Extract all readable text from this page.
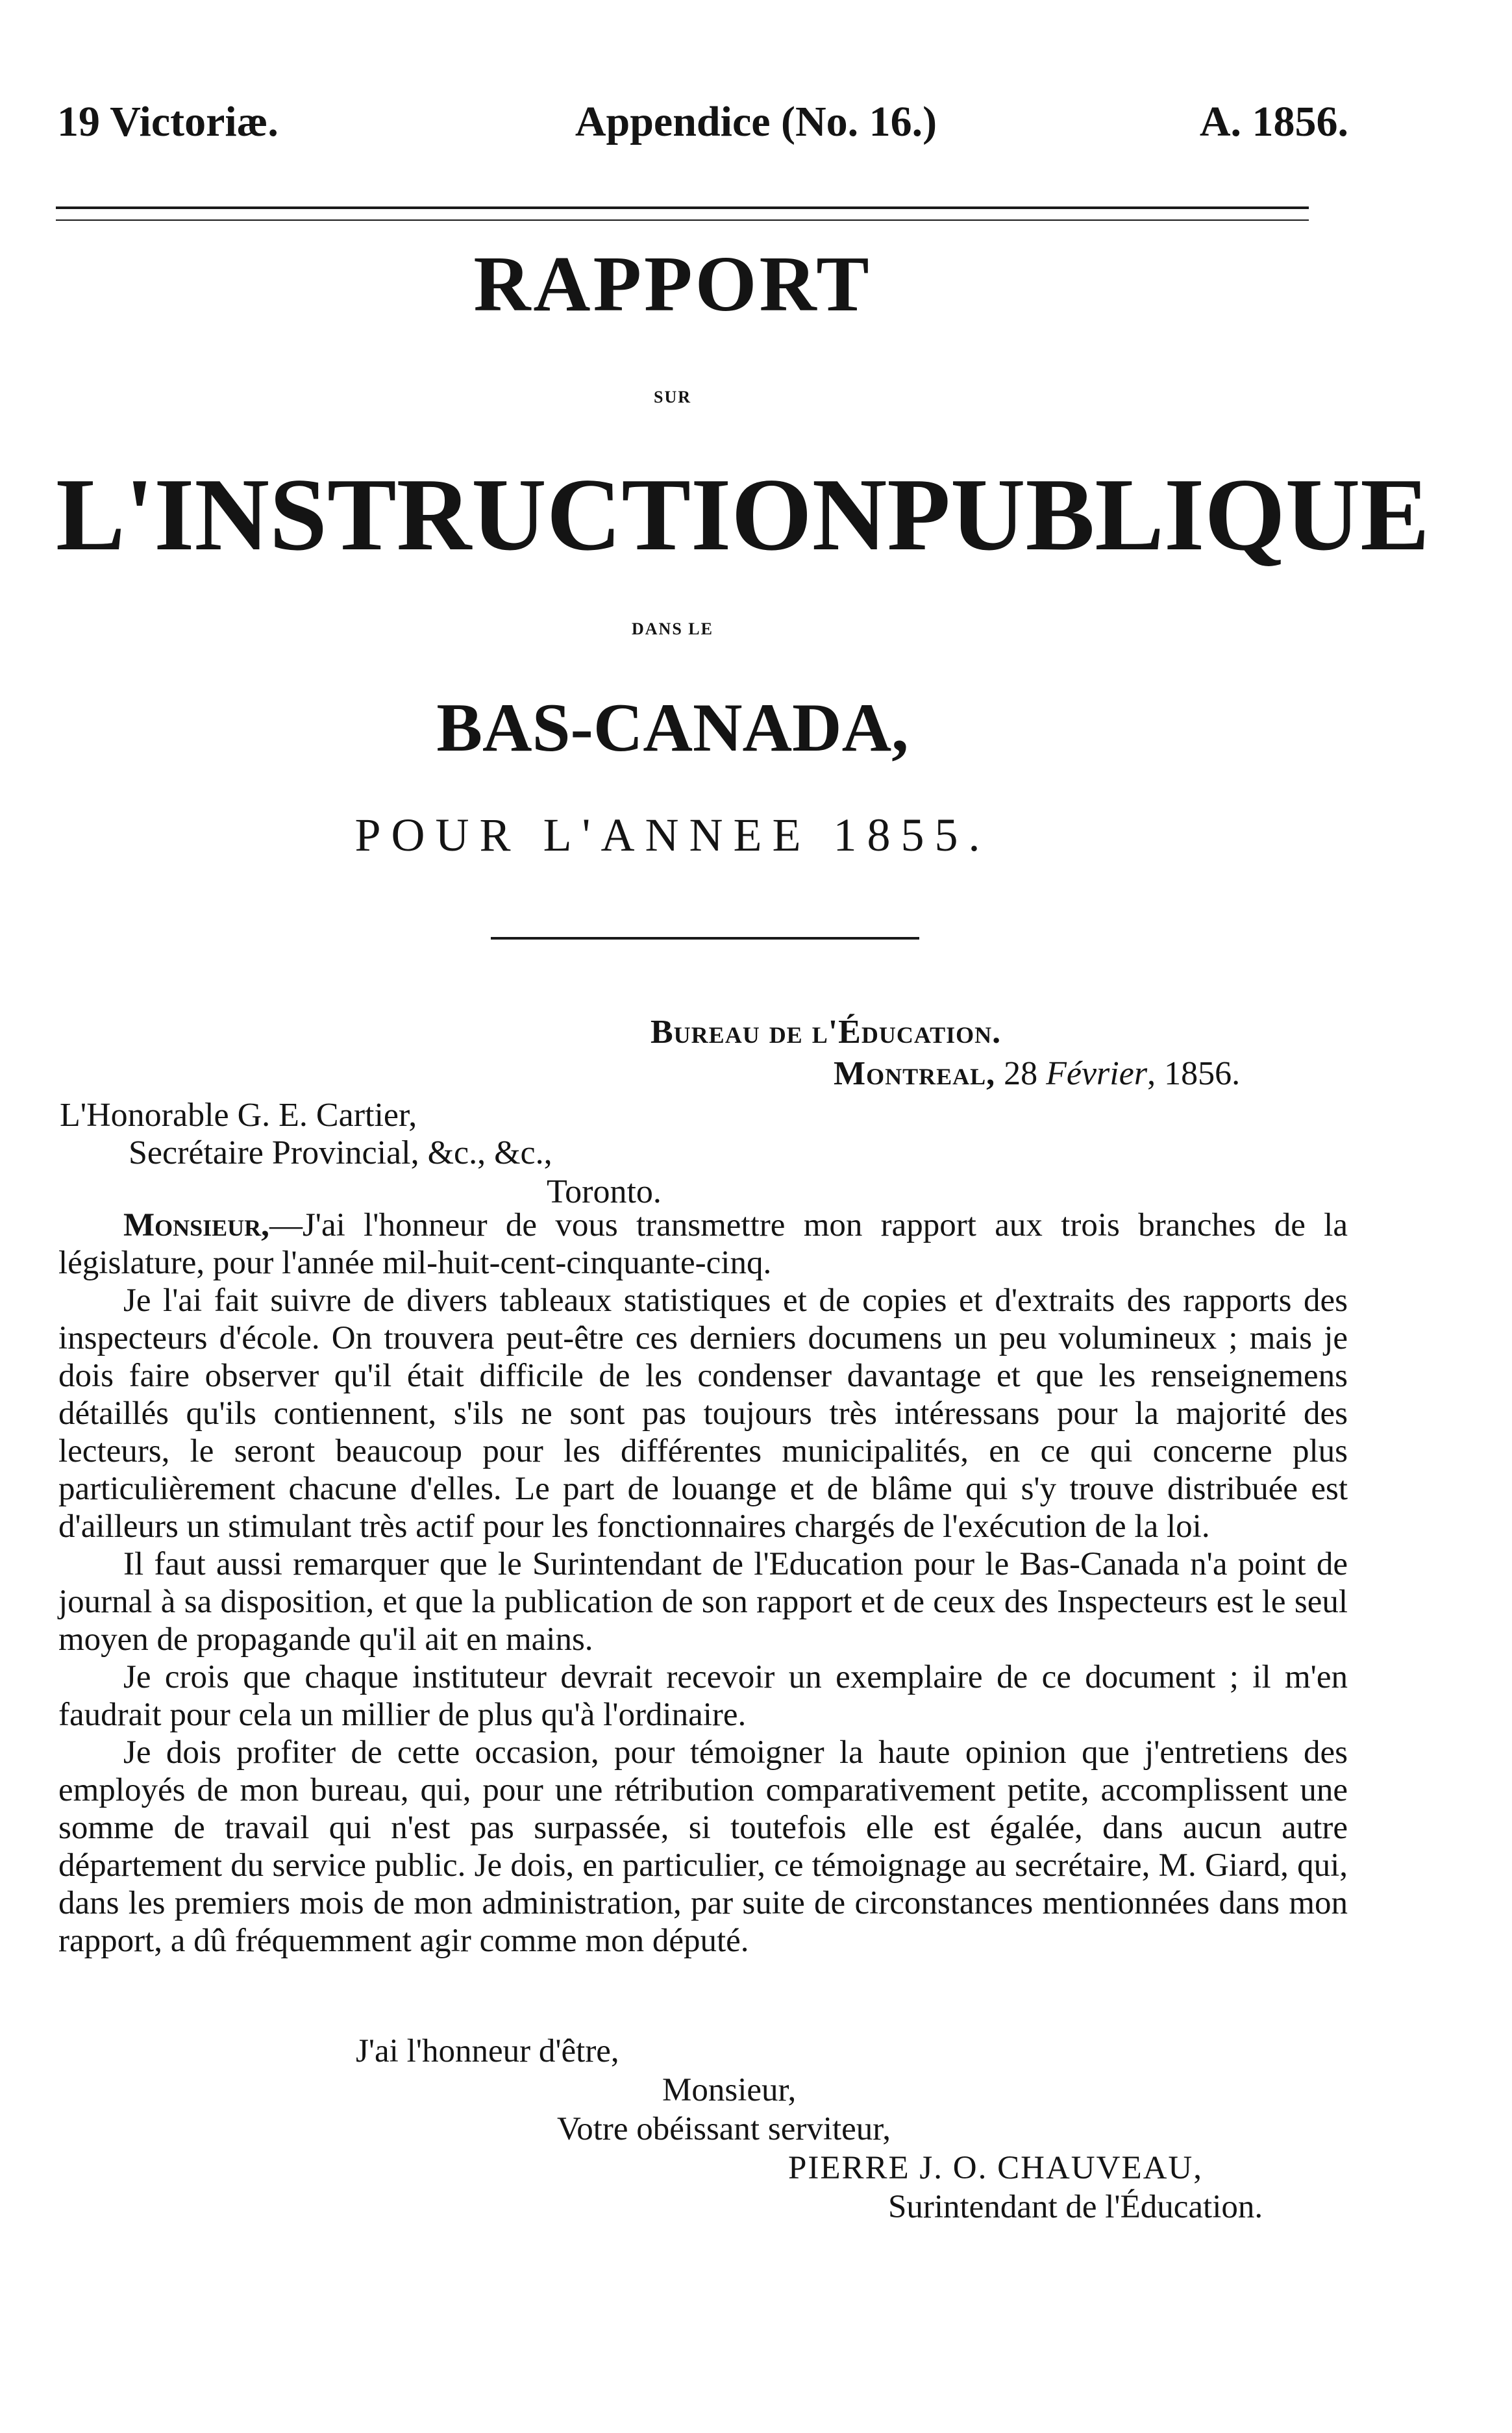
19 Victoriæ.	Appendice (No. 16.)	A. 1856.
RAPPORT
SUR
L'INSTRUCTION PUBLIQUE
DANS LE
BAS-CANADA,
POUR L'ANNEE 1855.
Bureau de l'Éducation.
Montreal, 28 Février, 1856.
L'Honorable G. E. Cartier,
Secrétaire Provincial, &c., &c.,
Toronto.

Monsieur,—J'ai l'honneur de vous transmettre mon rapport aux trois branches de la législature, pour l'année mil-huit-cent-cinquante-cinq.

Je l'ai fait suivre de divers tableaux statistiques et de copies et d'extraits des rapports des inspecteurs d'école. On trouvera peut-être ces derniers documens un peu volumineux ; mais je dois faire observer qu'il était difficile de les condenser davantage et que les renseignemens détaillés qu'ils contiennent, s'ils ne sont pas toujours très intéressans pour la majorité des lecteurs, le seront beaucoup pour les différentes municipalités, en ce qui concerne plus particulièrement chacune d'elles. Le part de louange et de blâme qui s'y trouve distribuée est d'ailleurs un stimulant très actif pour les fonctionnaires chargés de l'exécution de la loi.

Il faut aussi remarquer que le Surintendant de l'Education pour le Bas-Canada n'a point de journal à sa disposition, et que la publication de son rapport et de ceux des Inspecteurs est le seul moyen de propagande qu'il ait en mains.

Je crois que chaque instituteur devrait recevoir un exemplaire de ce document ; il m'en faudrait pour cela un millier de plus qu'à l'ordinaire.

Je dois profiter de cette occasion, pour témoigner la haute opinion que j'entretiens des employés de mon bureau, qui, pour une rétribution comparativement petite, accomplissent une somme de travail qui n'est pas surpassée, si toutefois elle est égalée, dans aucun autre département du service public. Je dois, en particulier, ce témoignage au secrétaire, M. Giard, qui, dans les premiers mois de mon administration, par suite de circonstances mentionnées dans mon rapport, a dû fréquemment agir comme mon député.

J'ai l'honneur d'être,
Monsieur,
Votre obéissant serviteur,
PIERRE J. O. CHAUVEAU,
Surintendant de l'Éducation.
